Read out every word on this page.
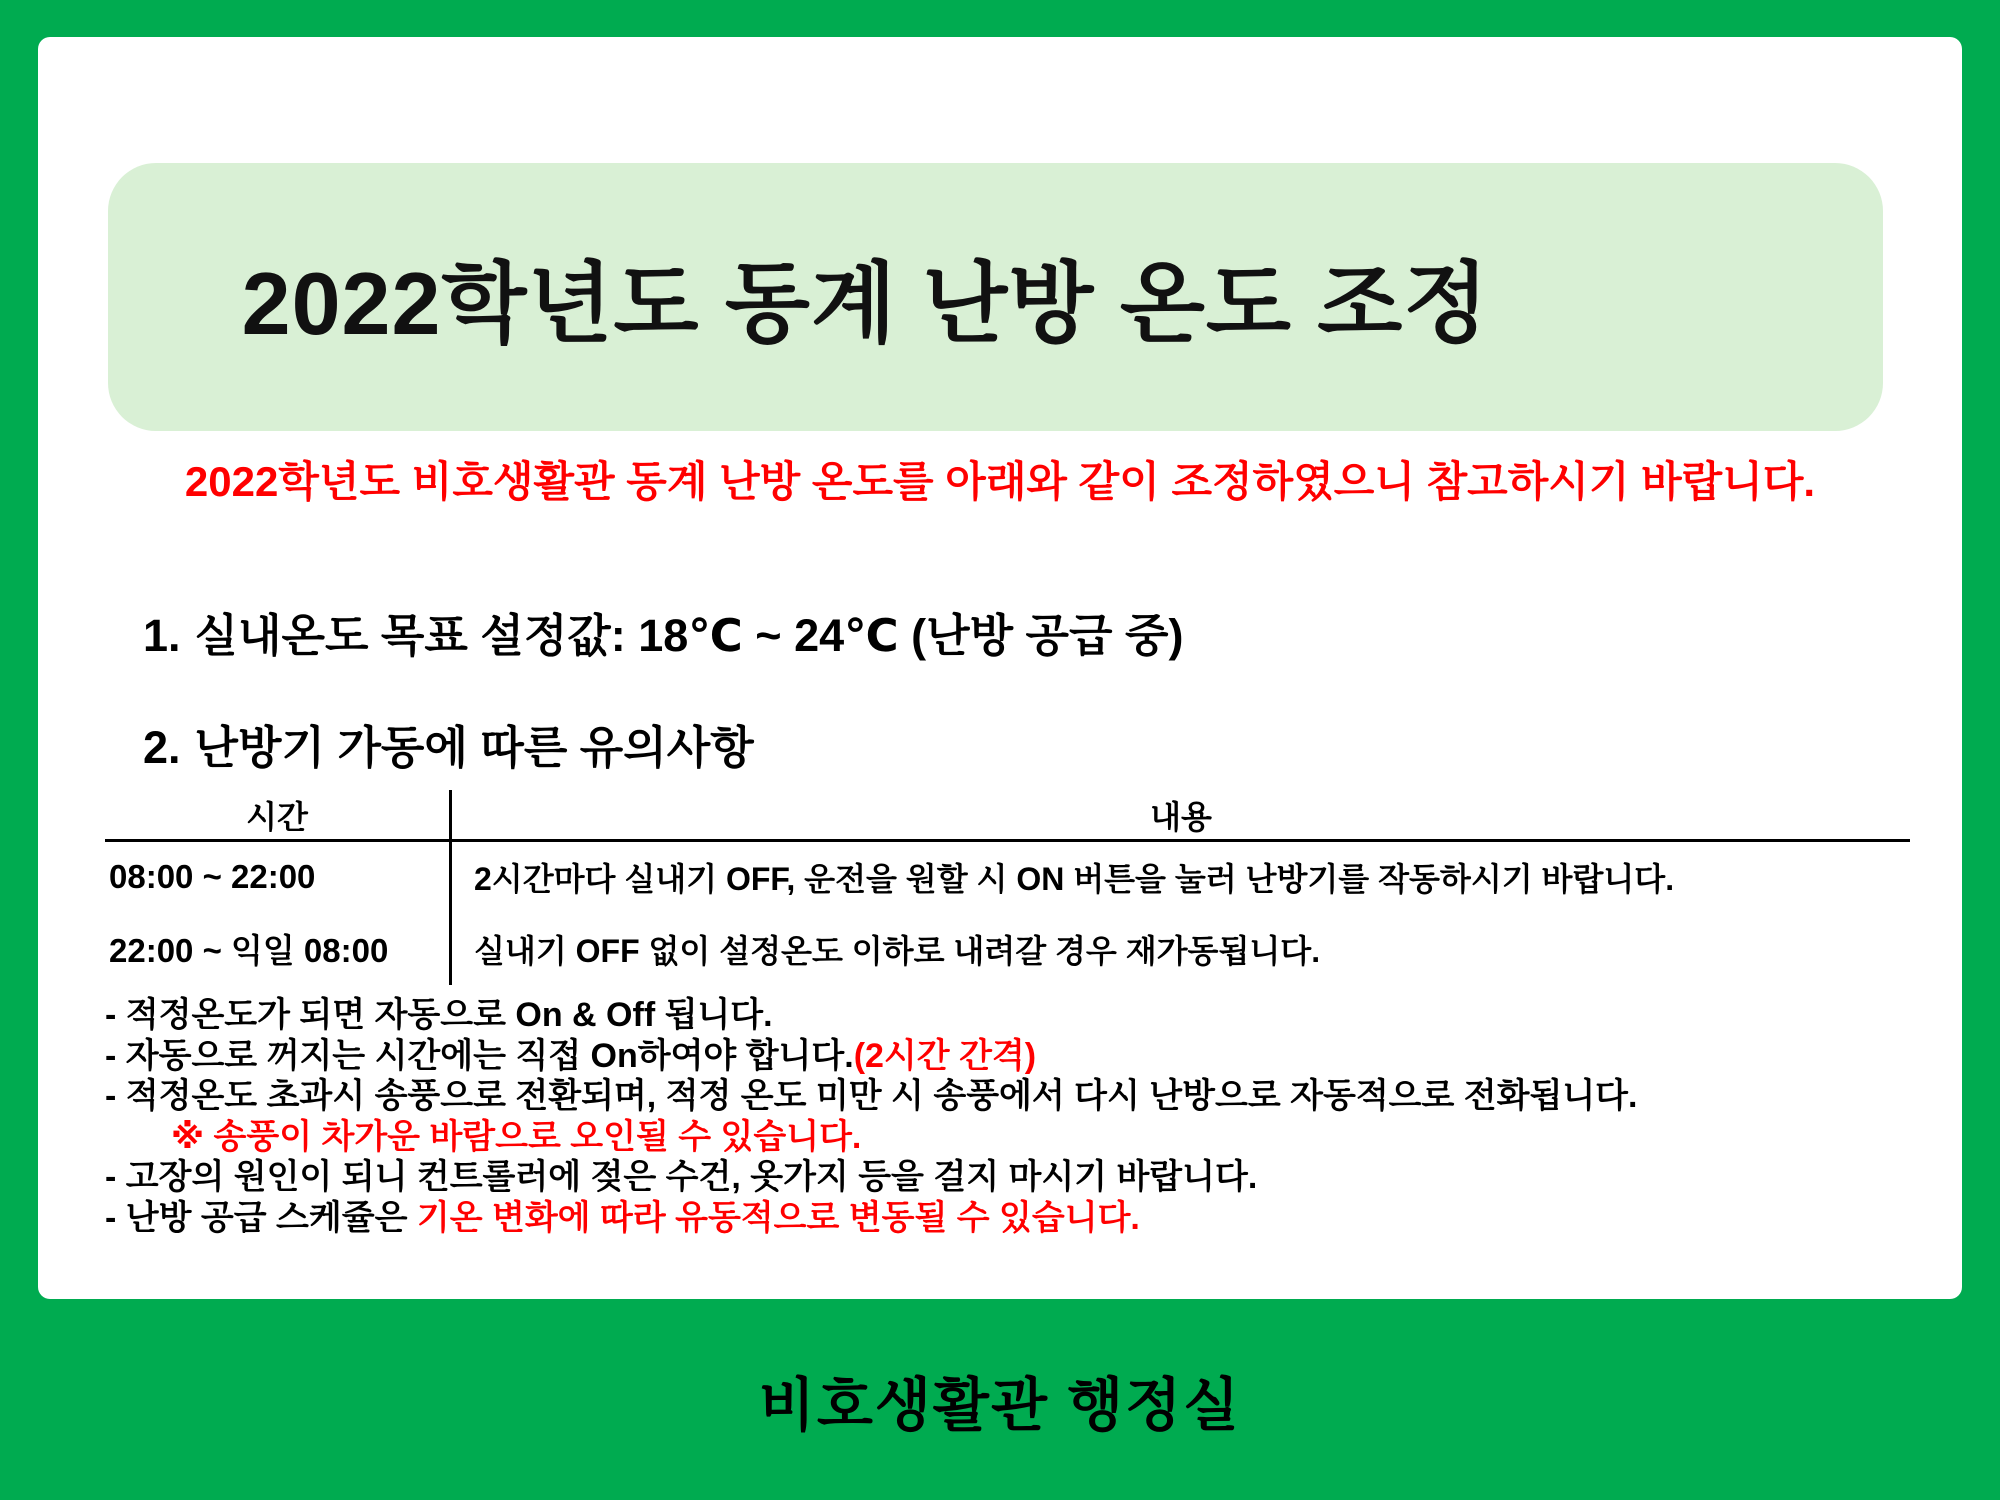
2022학년도 동계 난방 온도 조정
2022학년도 비호생활관 동계 난방 온도를 아래와 같이 조정하였으니 참고하시기 바랍니다.
1. 실내온도 목표 설정값: 18℃ ~ 24℃ (난방 공급 중)
2. 난방기 가동에 따른 유의사항
시간	내용
08:00 ~ 22:00	2시간마다 실내기 OFF, 운전을 원할 시 ON 버튼을 눌러 난방기를 작동하시기 바랍니다.
22:00 ~ 익일 08:00	실내기 OFF 없이 설정온도 이하로 내려갈 경우 재가동됩니다.
- 적정온도가 되면 자동으로 On & Off 됩니다.
- 자동으로 꺼지는 시간에는 직접 On하여야 합니다.(2시간 간격)
- 적정온도 초과시 송풍으로 전환되며, 적정 온도 미만 시 송풍에서 다시 난방으로 자동적으로 전화됩니다.
※ 송풍이 차가운 바람으로 오인될 수 있습니다.
- 고장의 원인이 되니 컨트롤러에 젖은 수건, 옷가지 등을 걸지 마시기 바랍니다.
- 난방 공급 스케쥴은 기온 변화에 따라 유동적으로 변동될 수 있습니다.
비호생활관 행정실
